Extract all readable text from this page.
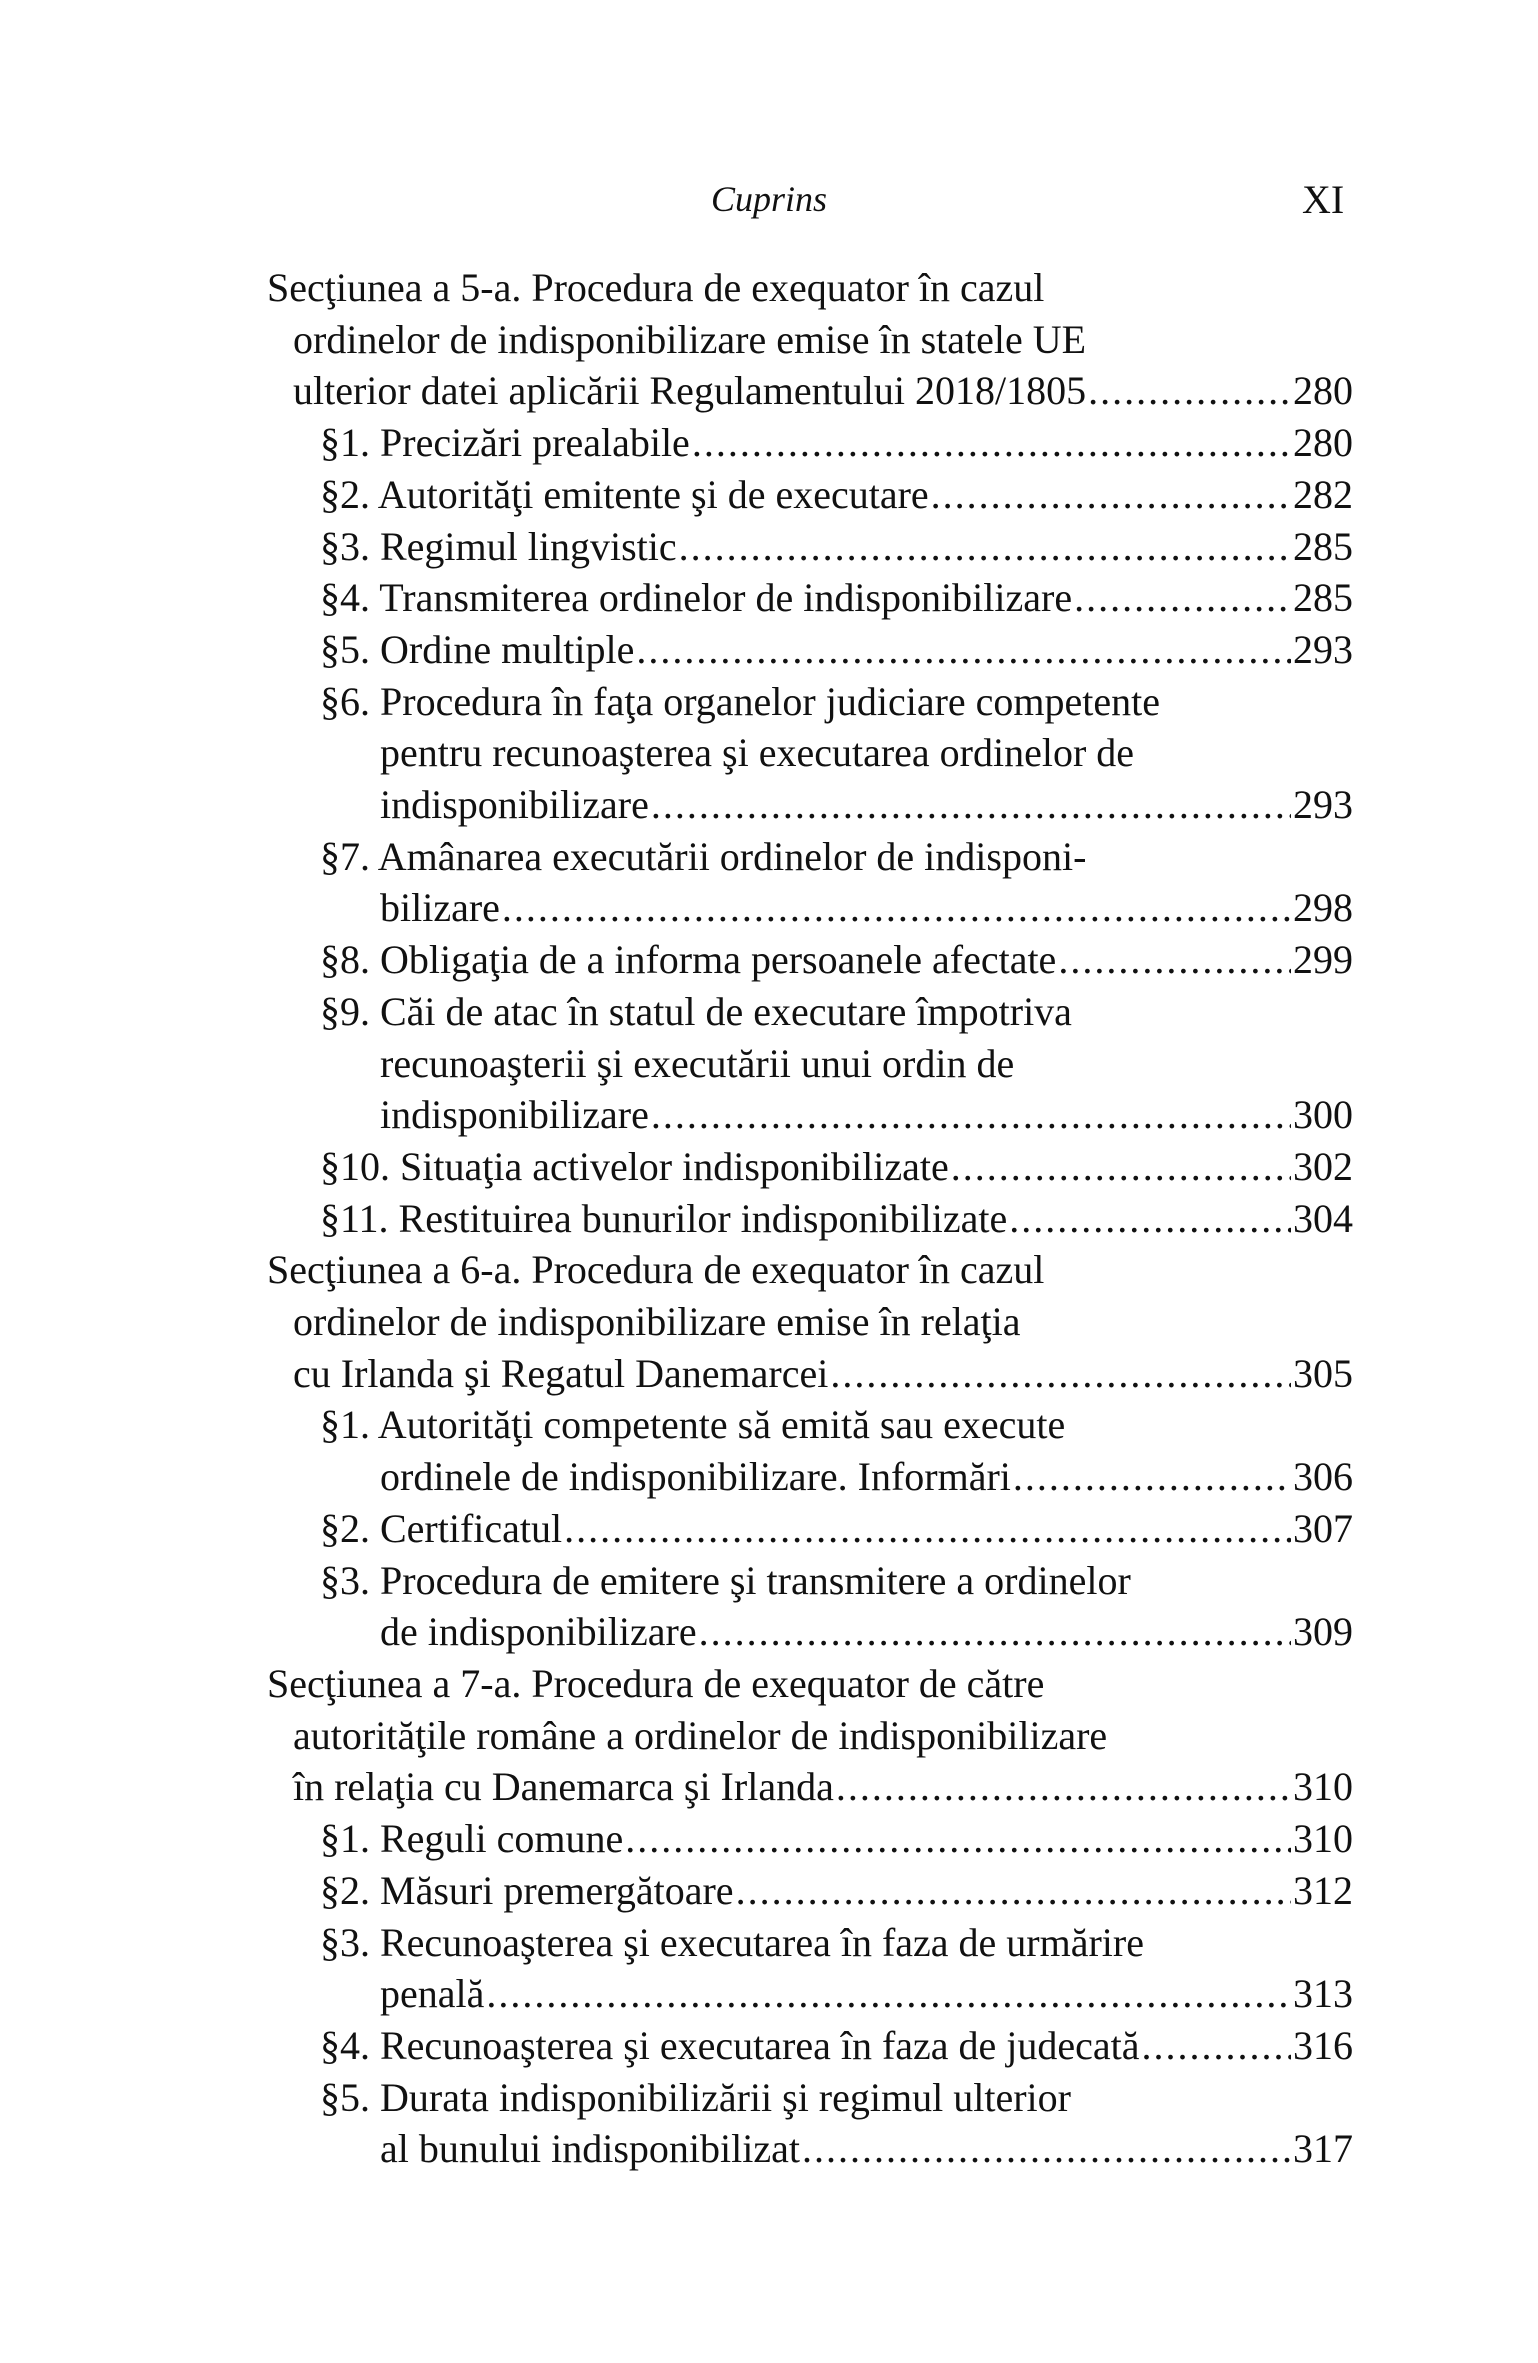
Cuprins	XI
Secţiunea a 5-a. Procedura de exequator în cazul
ordinelor de indisponibilizare emise în statele UE
ulterior datei aplicării Regulamentului 2018/1805 .....	280
§1. Precizări prealabile .....	280
§2. Autorităţi emitente şi de executare .....	282
§3. Regimul lingvistic .....	285
§4. Transmiterea ordinelor de indisponibilizare .....	285
§5. Ordine multiple .....	293
§6. Procedura în faţa organelor judiciare competente
pentru recunoaşterea şi executarea ordinelor de
indisponibilizare .....	293
§7. Amânarea executării ordinelor de indisponi-
bilizare .....	298
§8. Obligaţia de a informa persoanele afectate .....	299
§9. Căi de atac în statul de executare împotriva
recunoaşterii şi executării unui ordin de
indisponibilizare .....	300
§10. Situaţia activelor indisponibilizate .....	302
§11. Restituirea bunurilor indisponibilizate .....	304
Secţiunea a 6-a. Procedura de exequator în cazul
ordinelor de indisponibilizare emise în relaţia
cu Irlanda şi Regatul Danemarcei .....	305
§1. Autorităţi competente să emită sau execute
ordinele de indisponibilizare. Informări .....	306
§2. Certificatul .....	307
§3. Procedura de emitere şi transmitere a ordinelor
de indisponibilizare .....	309
Secţiunea a 7-a. Procedura de exequator de către
autorităţile române a ordinelor de indisponibilizare
în relaţia cu Danemarca şi Irlanda .....	310
§1. Reguli comune .....	310
§2. Măsuri premergătoare .....	312
§3. Recunoaşterea şi executarea în faza de urmărire
penală .....	313
§4. Recunoaşterea şi executarea în faza de judecată .....	316
§5. Durata indisponibilizării şi regimul ulterior
al bunului indisponibilizat .....	317
